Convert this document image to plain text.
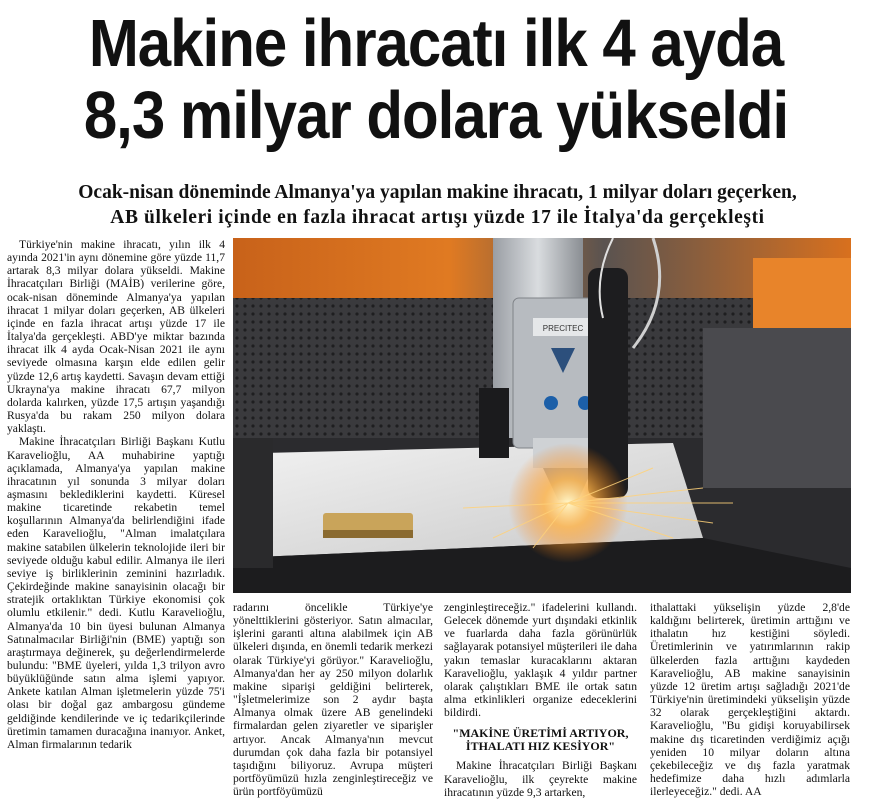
Makine ihracatı ilk 4 ayda
8,3 milyar dolara yükseldi
Ocak-nisan döneminde Almanya'ya yapılan makine ihracatı, 1 milyar doları geçerken,
AB ülkeleri içinde en fazla ihracat artışı yüzde 17 ile İtalya'da gerçekleşti

Türkiye'nin makine ihracatı, yılın ilk 4 ayında 2021'in aynı dönemine göre yüzde 11,7 artarak 8,3 milyar dolara yükseldi. Makine İhracatçıları Birliği (MAİB) verilerine göre, ocak-nisan döneminde Almanya'ya yapılan ihracat 1 milyar doları geçerken, AB ülkeleri içinde en fazla ihracat artışı yüzde 17 ile İtalya'da gerçekleşti. ABD'ye miktar bazında ihracat ilk 4 ayda Ocak-Nisan 2021 ile aynı seviyede olmasına karşın elde edilen gelir yüzde 12,6 artış kaydetti. Savaşın devam ettiği Ukrayna'ya makine ihracatı 67,7 milyon dolarda kalırken, yüzde 17,5 artışın yaşandığı Rusya'da bu rakam 250 milyon dolara yaklaştı.

Makine İhracatçıları Birliği Başkanı Kutlu Karavelioğlu, AA muhabirine yaptığı açıklamada, Almanya'ya yapılan makine ihracatının yıl sonunda 3 milyar doları aşmasını beklediklerini kaydetti. Küresel makine ticaretinde rekabetin temel koşullarının Almanya'da belirlendiğini ifade eden Karavelioğlu, "Alman imalatçılara makine satabilen ülkelerin teknolojide ileri bir seviyede olduğu kabul edilir. Almanya ile ileri seviye iş birliklerinin zeminini hazırladık. Çekirdeğinde makine sanayisinin olacağı bir stratejik ortaklıktan Türkiye ekonomisi çok olumlu etkilenir." dedi. Kutlu Karavelioğlu, Almanya'da 10 bin üyesi bulunan Almanya Satınalmacılar Birliği'nin (BME) yaptığı son araştırmaya değinerek, şu değerlendirmelerde bulundu: "BME üyeleri, yılda 1,3 trilyon avro büyüklüğünde satın alma işlemi yapıyor. Ankete katılan Alman işletmelerin yüzde 75'i olası bir doğal gaz ambargosu gündeme geldiğinde kendilerinde ve iç tedarikçilerinde üretimin tamamen duracağına inanıyor. Anket, Alman firmalarının tedarik

PRECITEC

radarını öncelikle Türkiye'ye yönelttiklerini gösteriyor. Satın almacılar, işlerini garanti altına alabilmek için AB ülkeleri dışında, en önemli tedarik merkezi olarak Türkiye'yi görüyor." Karavelioğlu, Almanya'dan her ay 250 milyon dolarlık makine siparişi geldiğini belirterek, "İşletmelerimize son 2 aydır başta Almanya olmak üzere AB genelindeki firmalardan gelen ziyaretler ve siparişler artıyor. Ancak Almanya'nın mevcut durumdan çok daha fazla bir potansiyel taşıdığını biliyoruz. Avrupa müşteri portföyümüzü hızla zenginleştireceğiz ve ürün portföyümüzü

zenginleştireceğiz." ifadelerini kullandı. Gelecek dönemde yurt dışındaki etkinlik ve fuarlarda daha fazla görünürlük sağlayarak potansiyel müşterileri ile daha yakın temaslar kuracaklarını aktaran Karavelioğlu, yaklaşık 4 yıldır partner olarak çalıştıkları BME ile ortak satın alma etkinlikleri organize edeceklerini bildirdi.

"MAKİNE ÜRETİMİ ARTIYOR, İTHALATI HIZ KESİYOR"

Makine İhracatçıları Birliği Başkanı Karavelioğlu, ilk çeyrekte makine ihracatının yüzde 9,3 artarken,

ithalattaki yükselişin yüzde 2,8'de kaldığını belirterek, üretimin arttığını ve ithalatın hız kestiğini söyledi. Üretimlerinin ve yatırımlarının rakip ülkelerden fazla arttığını kaydeden Karavelioğlu, AB makine sanayisinin yüzde 12 üretim artışı sağladığı 2021'de Türkiye'nin üretimindeki yükselişin yüzde 32 olarak gerçekleştiğini aktardı. Karavelioğlu, "Bu gidişi koruyabilirsek makine dış ticaretinden verdiğimiz açığı yeniden 10 milyar doların altına çekebileceğiz ve dış fazla yaratmak hedefimize daha hızlı adımlarla ilerleyeceğiz." dedi. AA
